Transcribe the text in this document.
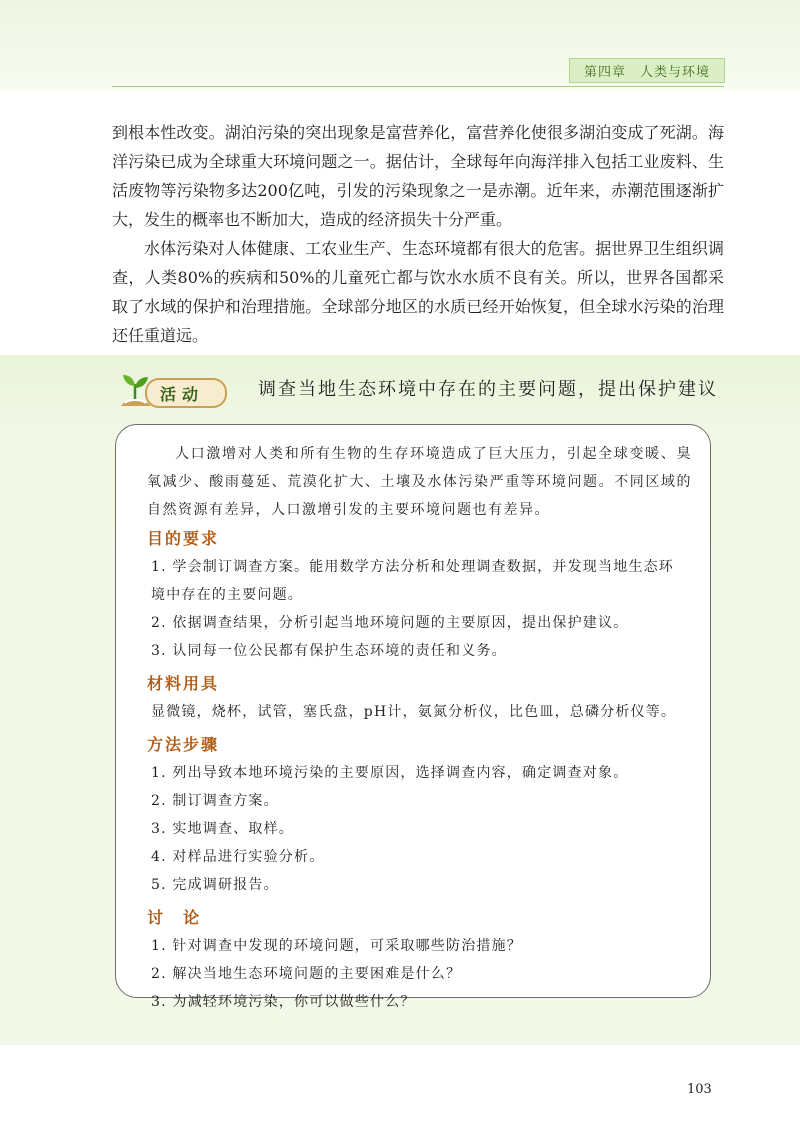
第四章　人类与环境

到根本性改变。湖泊污染的突出现象是富营养化，富营养化使很多湖泊变成了死湖。海洋污染已成为全球重大环境问题之一。据估计，全球每年向海洋排入包括工业废料、生活废物等污染物多达200亿吨，引发的污染现象之一是赤潮。近年来，赤潮范围逐渐扩大，发生的概率也不断加大，造成的经济损失十分严重。

水体污染对人体健康、工农业生产、生态环境都有很大的危害。据世界卫生组织调查，人类80%的疾病和50%的儿童死亡都与饮水水质不良有关。所以，世界各国都采取了水域的保护和治理措施。全球部分地区的水质已经开始恢复，但全球水污染的治理还任重道远。

活动	调查当地生态环境中存在的主要问题，提出保护建议

人口激增对人类和所有生物的生存环境造成了巨大压力，引起全球变暖、臭氧减少、酸雨蔓延、荒漠化扩大、土壤及水体污染严重等环境问题。不同区域的自然资源有差异，人口激增引发的主要环境问题也有差异。

目的要求

1. 学会制订调查方案。能用数学方法分析和处理调查数据，并发现当地生态环境中存在的主要问题。

2. 依据调查结果，分析引起当地环境问题的主要原因，提出保护建议。

3. 认同每一位公民都有保护生态环境的责任和义务。

材料用具

显微镜，烧杯，试管，塞氏盘，pH计，氨氮分析仪，比色皿，总磷分析仪等。

方法步骤

1. 列出导致本地环境污染的主要原因，选择调查内容，确定调查对象。

2. 制订调查方案。

3. 实地调查、取样。

4. 对样品进行实验分析。

5. 完成调研报告。

讨　论

1. 针对调查中发现的环境问题，可采取哪些防治措施？

2. 解决当地生态环境问题的主要困难是什么？

3. 为减轻环境污染，你可以做些什么？

103
